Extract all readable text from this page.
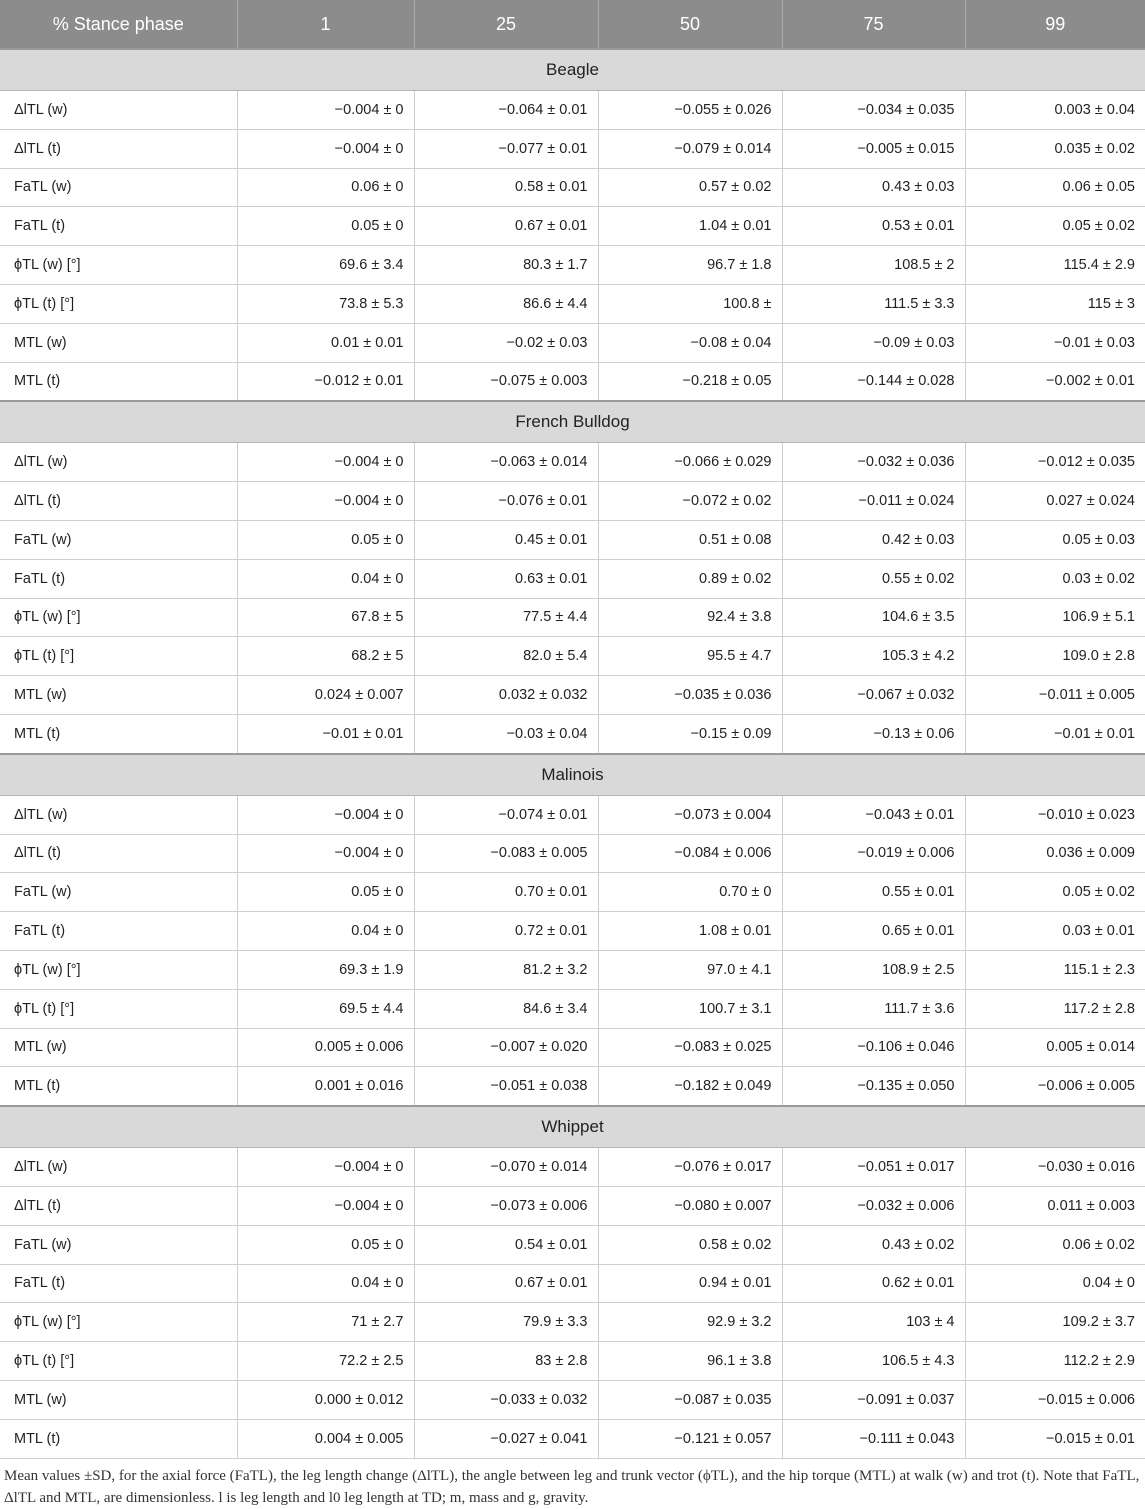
% Stance phase	1	25	50	75	99
Beagle					
ΔlTL (w)	−0.004 ± 0	−0.064 ± 0.01	−0.055 ± 0.026	−0.034 ± 0.035	0.003 ± 0.04
ΔlTL (t)	−0.004 ± 0	−0.077 ± 0.01	−0.079 ± 0.014	−0.005 ± 0.015	0.035 ± 0.02
FaTL (w)	0.06 ± 0	0.58 ± 0.01	0.57 ± 0.02	0.43 ± 0.03	0.06 ± 0.05
FaTL (t)	0.05 ± 0	0.67 ± 0.01	1.04 ± 0.01	0.53 ± 0.01	0.05 ± 0.02
ϕTL (w) [°]	69.6 ± 3.4	80.3 ± 1.7	96.7 ± 1.8	108.5 ± 2	115.4 ± 2.9
ϕTL (t) [°]	73.8 ± 5.3	86.6 ± 4.4	100.8 ±	111.5 ± 3.3	115 ± 3
MTL (w)	0.01 ± 0.01	−0.02 ± 0.03	−0.08 ± 0.04	−0.09 ± 0.03	−0.01 ± 0.03
MTL (t)	−0.012 ± 0.01	−0.075 ± 0.003	−0.218 ± 0.05	−0.144 ± 0.028	−0.002 ± 0.01
French Bulldog					
ΔlTL (w)	−0.004 ± 0	−0.063 ± 0.014	−0.066 ± 0.029	−0.032 ± 0.036	−0.012 ± 0.035
ΔlTL (t)	−0.004 ± 0	−0.076 ± 0.01	−0.072 ± 0.02	−0.011 ± 0.024	0.027 ± 0.024
FaTL (w)	0.05 ± 0	0.45 ± 0.01	0.51 ± 0.08	0.42 ± 0.03	0.05 ± 0.03
FaTL (t)	0.04 ± 0	0.63 ± 0.01	0.89 ± 0.02	0.55 ± 0.02	0.03 ± 0.02
ϕTL (w) [°]	67.8 ± 5	77.5 ± 4.4	92.4 ± 3.8	104.6 ± 3.5	106.9 ± 5.1
ϕTL (t) [°]	68.2 ± 5	82.0 ± 5.4	95.5 ± 4.7	105.3 ± 4.2	109.0 ± 2.8
MTL (w)	0.024 ± 0.007	0.032 ± 0.032	−0.035 ± 0.036	−0.067 ± 0.032	−0.011 ± 0.005
MTL (t)	−0.01 ± 0.01	−0.03 ± 0.04	−0.15 ± 0.09	−0.13 ± 0.06	−0.01 ± 0.01
Malinois					
ΔlTL (w)	−0.004 ± 0	−0.074 ± 0.01	−0.073 ± 0.004	−0.043 ± 0.01	−0.010 ± 0.023
ΔlTL (t)	−0.004 ± 0	−0.083 ± 0.005	−0.084 ± 0.006	−0.019 ± 0.006	0.036 ± 0.009
FaTL (w)	0.05 ± 0	0.70 ± 0.01	0.70 ± 0	0.55 ± 0.01	0.05 ± 0.02
FaTL (t)	0.04 ± 0	0.72 ± 0.01	1.08 ± 0.01	0.65 ± 0.01	0.03 ± 0.01
ϕTL (w) [°]	69.3 ± 1.9	81.2 ± 3.2	97.0 ± 4.1	108.9 ± 2.5	115.1 ± 2.3
ϕTL (t) [°]	69.5 ± 4.4	84.6 ± 3.4	100.7 ± 3.1	111.7 ± 3.6	117.2 ± 2.8
MTL (w)	0.005 ± 0.006	−0.007 ± 0.020	−0.083 ± 0.025	−0.106 ± 0.046	0.005 ± 0.014
MTL (t)	0.001 ± 0.016	−0.051 ± 0.038	−0.182 ± 0.049	−0.135 ± 0.050	−0.006 ± 0.005
Whippet					
ΔlTL (w)	−0.004 ± 0	−0.070 ± 0.014	−0.076 ± 0.017	−0.051 ± 0.017	−0.030 ± 0.016
ΔlTL (t)	−0.004 ± 0	−0.073 ± 0.006	−0.080 ± 0.007	−0.032 ± 0.006	0.011 ± 0.003
FaTL (w)	0.05 ± 0	0.54 ± 0.01	0.58 ± 0.02	0.43 ± 0.02	0.06 ± 0.02
FaTL (t)	0.04 ± 0	0.67 ± 0.01	0.94 ± 0.01	0.62 ± 0.01	0.04 ± 0
ϕTL (w) [°]	71 ± 2.7	79.9 ± 3.3	92.9 ± 3.2	103 ± 4	109.2 ± 3.7
ϕTL (t) [°]	72.2 ± 2.5	83 ± 2.8	96.1 ± 3.8	106.5 ± 4.3	112.2 ± 2.9
MTL (w)	0.000 ± 0.012	−0.033 ± 0.032	−0.087 ± 0.035	−0.091 ± 0.037	−0.015 ± 0.006
MTL (t)	0.004 ± 0.005	−0.027 ± 0.041	−0.121 ± 0.057	−0.111 ± 0.043	−0.015 ± 0.01
Mean values ±SD, for the axial force (FaTL), the leg length change (ΔlTL), the angle between leg and trunk vector (ϕTL), and the hip torque (MTL) at walk (w) and trot (t). Note that FaTL, ΔlTL and MTL, are dimensionless. l is leg length and l0 leg length at TD; m, mass and g, gravity.
